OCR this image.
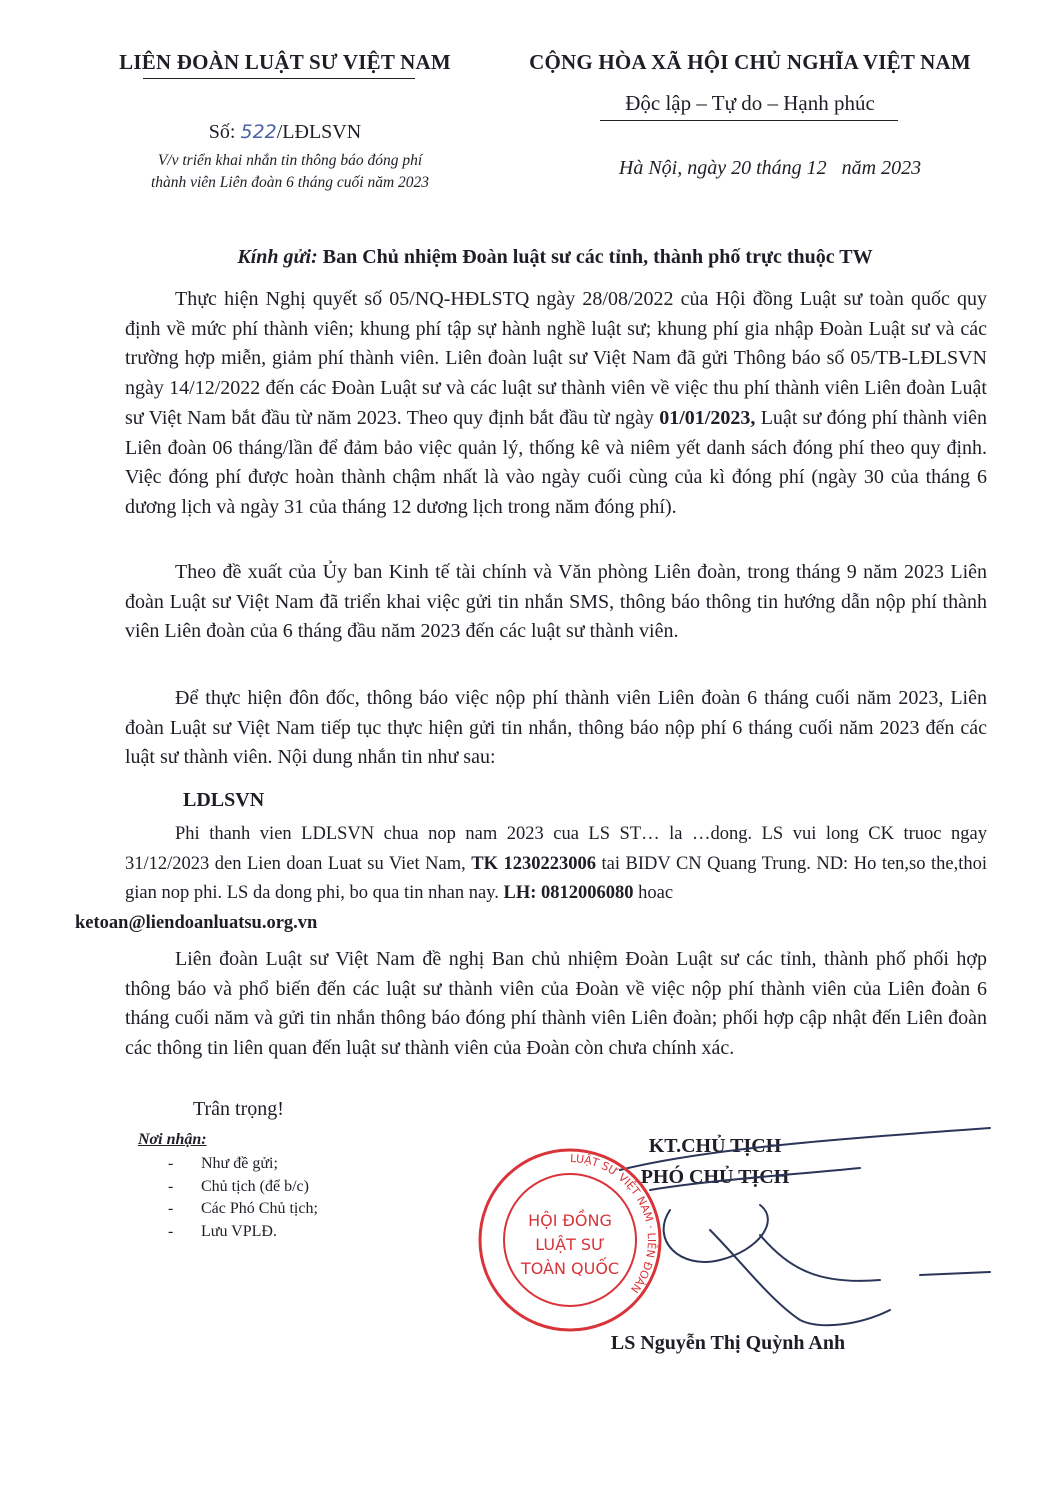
LIÊN ĐOÀN LUẬT SƯ VIỆT NAM	CỘNG HÒA XÃ HỘI CHỦ NGHĨA VIỆT NAM
Độc lập – Tự do – Hạnh phúc
Số: 522/LĐLSVN
V/v triển khai nhắn tin thông báo đóng phí
thành viên Liên đoàn 6 tháng cuối năm 2023
Hà Nội, ngày 20 tháng 12   năm 2023
Kính gửi: Ban Chủ nhiệm Đoàn luật sư các tỉnh, thành phố trực thuộc TW

Thực hiện Nghị quyết số 05/NQ-HĐLSTQ ngày 28/08/2022 của Hội đồng Luật sư toàn quốc quy định về mức phí thành viên; khung phí tập sự hành nghề luật sư; khung phí gia nhập Đoàn Luật sư và các trường hợp miễn, giảm phí thành viên. Liên đoàn luật sư Việt Nam đã gửi Thông báo số 05/TB-LĐLSVN ngày 14/12/2022 đến các Đoàn Luật sư và các luật sư thành viên về việc thu phí thành viên Liên đoàn Luật sư Việt Nam bắt đầu từ năm 2023. Theo quy định bắt đầu từ ngày 01/01/2023, Luật sư đóng phí thành viên Liên đoàn 06 tháng/lần để đảm bảo việc quản lý, thống kê và niêm yết danh sách đóng phí theo quy định. Việc đóng phí được hoàn thành chậm nhất là vào ngày cuối cùng của kì đóng phí (ngày 30 của tháng 6 dương lịch và ngày 31 của tháng 12 dương lịch trong năm đóng phí).

Theo đề xuất của Ủy ban Kinh tế tài chính và Văn phòng Liên đoàn, trong tháng 9 năm 2023 Liên đoàn Luật sư Việt Nam đã triển khai việc gửi tin nhắn SMS, thông báo thông tin hướng dẫn nộp phí thành viên Liên đoàn của 6 tháng đầu năm 2023 đến các luật sư thành viên.

Để thực hiện đôn đốc, thông báo việc nộp phí thành viên Liên đoàn 6 tháng cuối năm 2023, Liên đoàn Luật sư Việt Nam tiếp tục thực hiện gửi tin nhắn, thông báo nộp phí 6 tháng cuối năm 2023 đến các luật sư thành viên. Nội dung nhắn tin như sau:

LDLSVN

Phi thanh vien LDLSVN chua nop nam 2023 cua LS ST… la …dong. LS vui long CK truoc ngay 31/12/2023 den Lien doan Luat su Viet Nam, TK 1230223006 tai BIDV CN Quang Trung. ND: Ho ten,so the,thoi gian nop phi. LS da dong phi, bo qua tin nhan nay. LH: 0812006080 hoac
ketoan@liendoanluatsu.org.vn

Liên đoàn Luật sư Việt Nam đề nghị Ban chủ nhiệm Đoàn Luật sư các tỉnh, thành phố phối hợp thông báo và phổ biến đến các luật sư thành viên của Đoàn về việc nộp phí thành viên của Liên đoàn 6 tháng cuối năm và gửi tin nhắn thông báo đóng phí thành viên Liên đoàn; phối hợp cập nhật đến Liên đoàn các thông tin liên quan đến luật sư thành viên của Đoàn còn chưa chính xác.

Trân trọng!
Nơi nhận:
- Như đề gửi;
- Chủ tịch (để b/c)
- Các Phó Chủ tịch;
- Lưu VPLĐ.
KT.CHỦ TỊCH
PHÓ CHỦ TỊCH
HỘI ĐỒNG
LUẬT SƯ
TOÀN QUỐC
LUẬT SƯ VIỆT NAM · LIÊN ĐOÀN
LS Nguyễn Thị Quỳnh Anh
